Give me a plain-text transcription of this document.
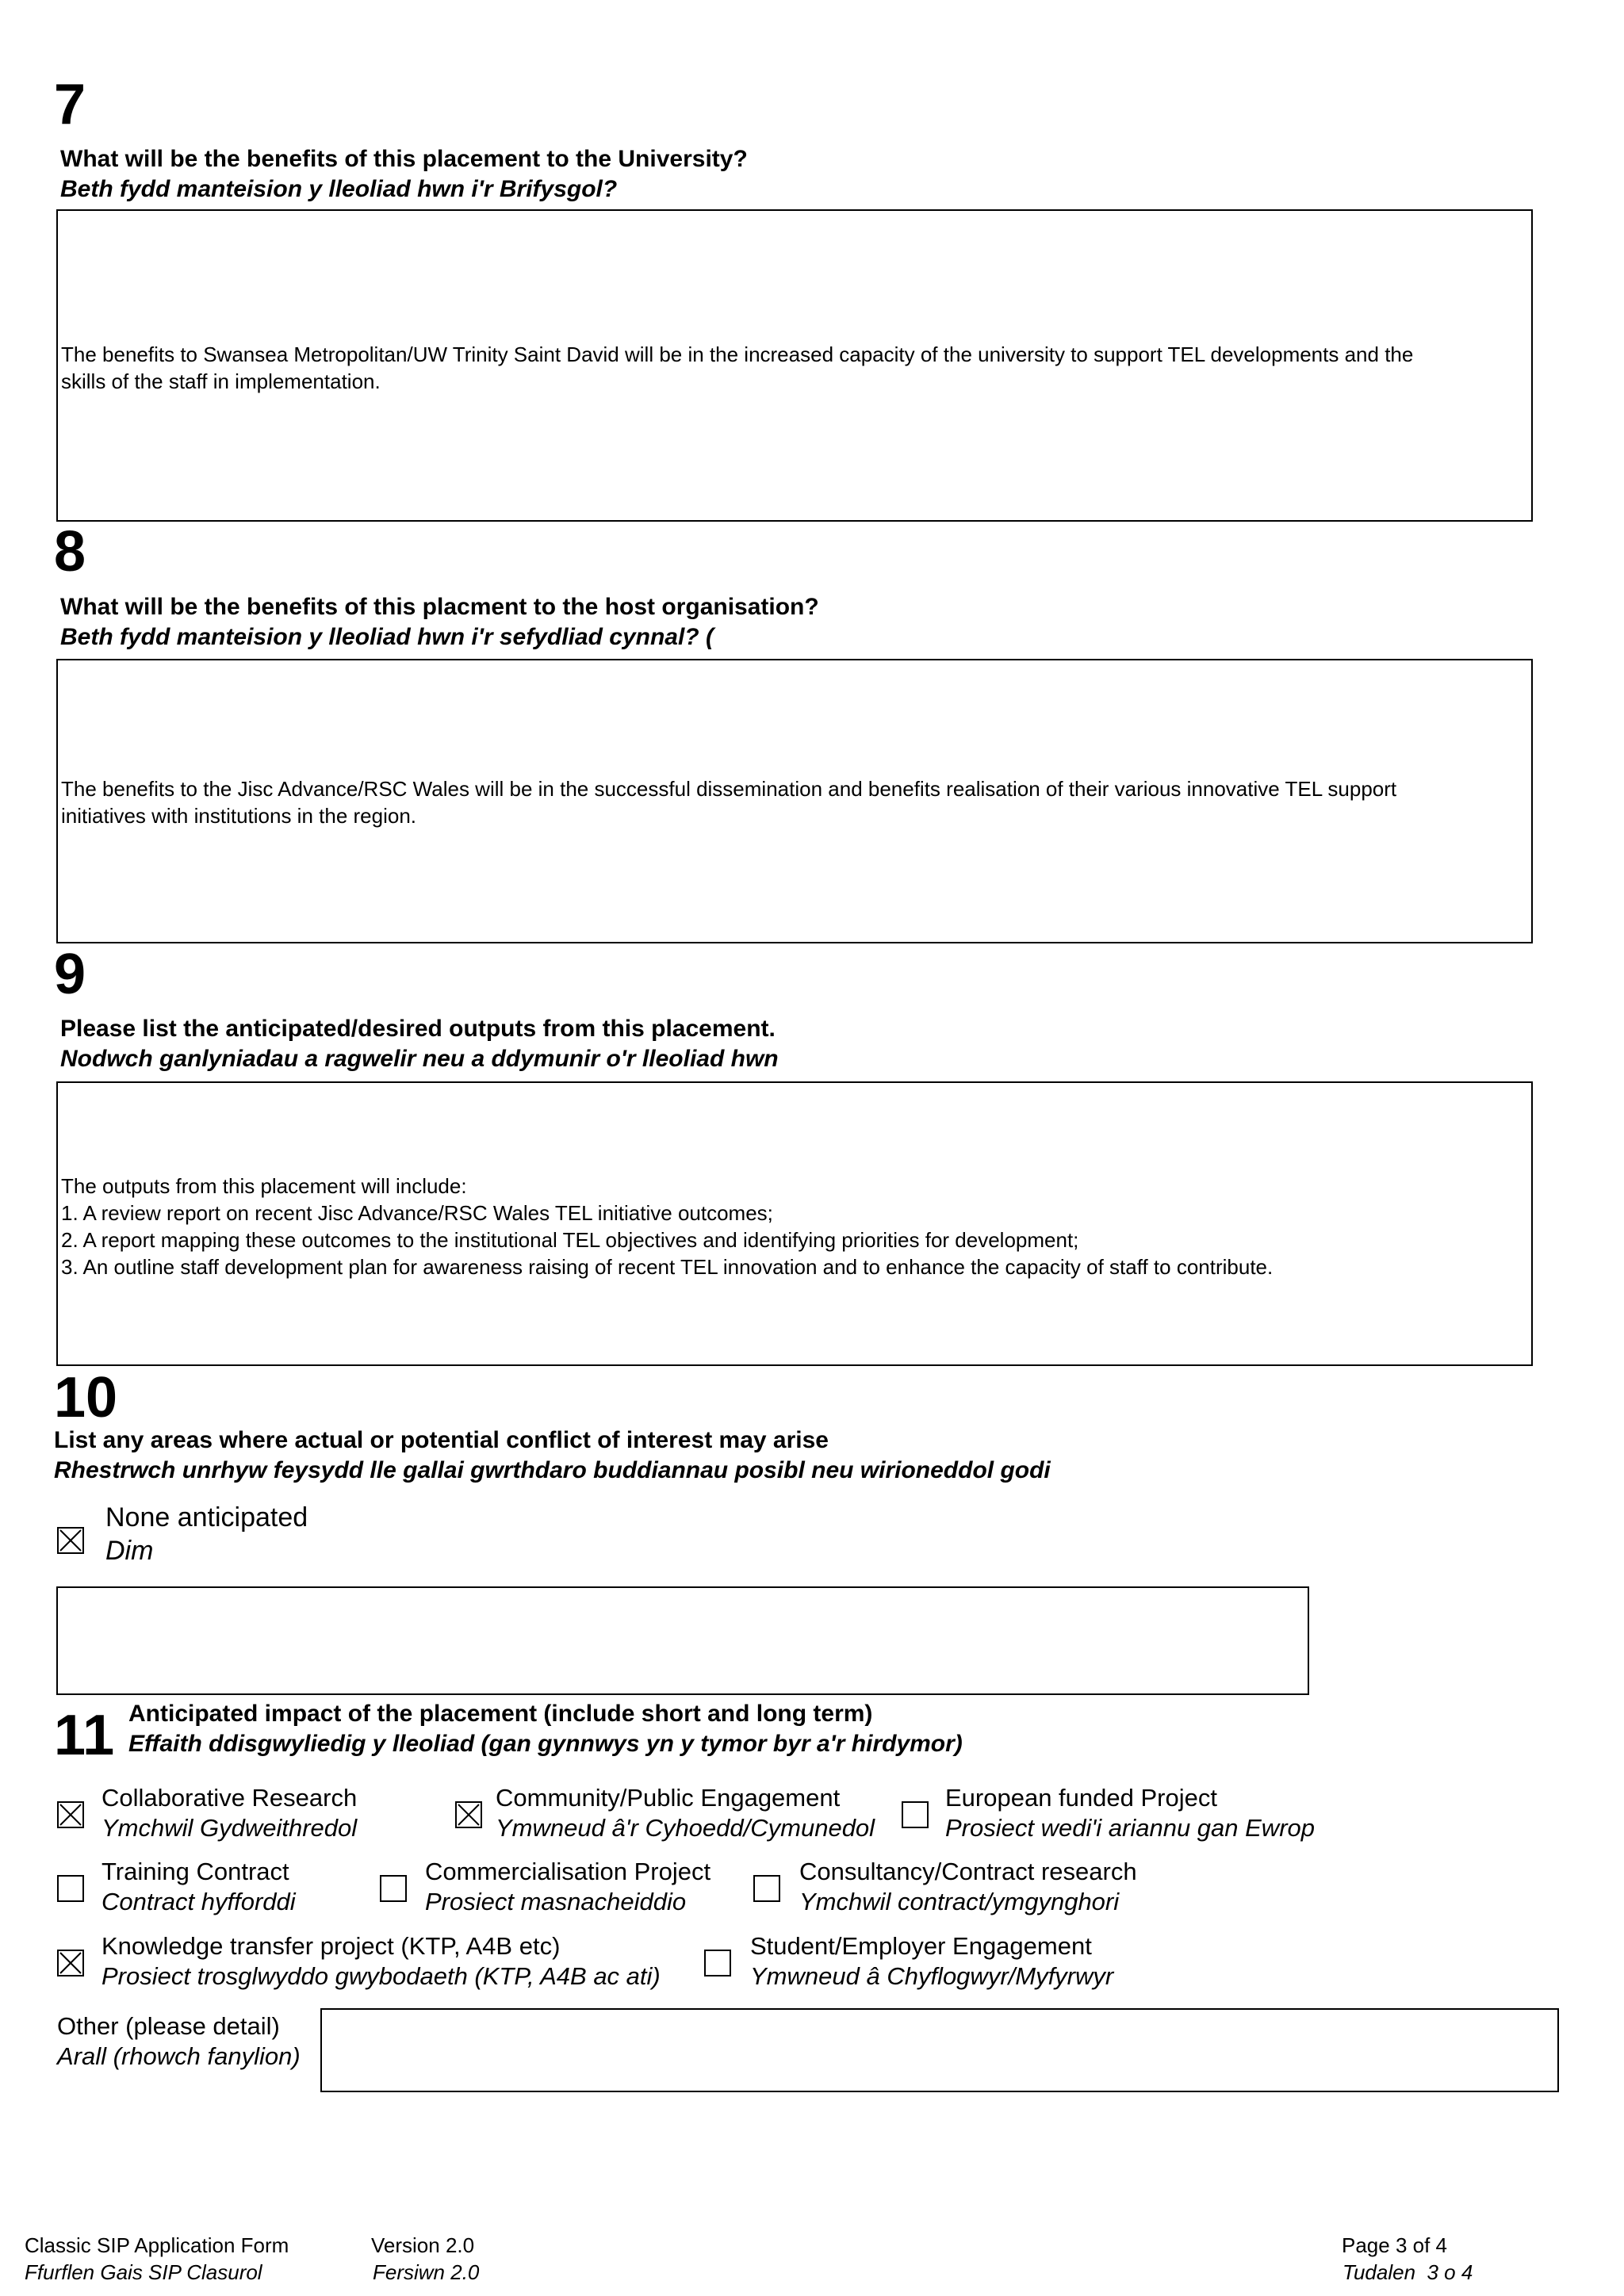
7
What will be the benefits of this placement to the University?
Beth fydd manteision y lleoliad hwn i'r Brifysgol?
The benefits to Swansea Metropolitan/UW Trinity Saint David will be in the increased capacity of the university to support TEL developments and the
skills of the staff in implementation.
8
What will be the benefits of this placment to the host organisation?
Beth fydd manteision y lleoliad hwn i'r sefydliad cynnal? (
The benefits to the Jisc Advance/RSC Wales will be in the successful dissemination and benefits realisation of their various innovative TEL support
initiatives with institutions in the region.
9
Please list the anticipated/desired outputs from this placement.
Nodwch ganlyniadau a ragwelir neu a ddymunir o'r lleoliad hwn
The outputs from this placement will include:
1. A review report on recent Jisc Advance/RSC Wales TEL initiative outcomes;
2. A report mapping these outcomes to the institutional TEL objectives and identifying priorities for development;
3. An outline staff development plan for awareness raising of recent TEL innovation and to enhance the capacity of staff to contribute.
10
List any areas where actual or potential conflict of interest may arise
Rhestrwch unrhyw feysydd lle gallai gwrthdaro buddiannau posibl neu wirioneddol godi
None anticipated
Dim
11 Anticipated impact of the placement (include short and long term)
Effaith ddisgwyliedig y lleoliad (gan gynnwys yn y tymor byr a'r hirdymor)
Collaborative Research
Ymchwil Gydweithredol
Community/Public Engagement
Ymwneud â'r Cyhoedd/Cymunedol
European funded Project
Prosiect wedi'i ariannu gan Ewrop
Training Contract
Contract hyfforddi
Commercialisation Project
Prosiect masnacheiddio
Consultancy/Contract research
Ymchwil contract/ymgynghori
Knowledge transfer project (KTP, A4B etc)
Prosiect trosglwyddo gwybodaeth (KTP, A4B ac ati)
Student/Employer Engagement
Ymwneud â Chyflogwyr/Myfyrwyr
Other (please detail)
Arall (rhowch fanylion)
Classic SIP Application Form
Ffurflen Gais SIP Clasurol
Version 2.0
Fersiwn 2.0
Page 3 of 4
Tudalen  3 o 4
